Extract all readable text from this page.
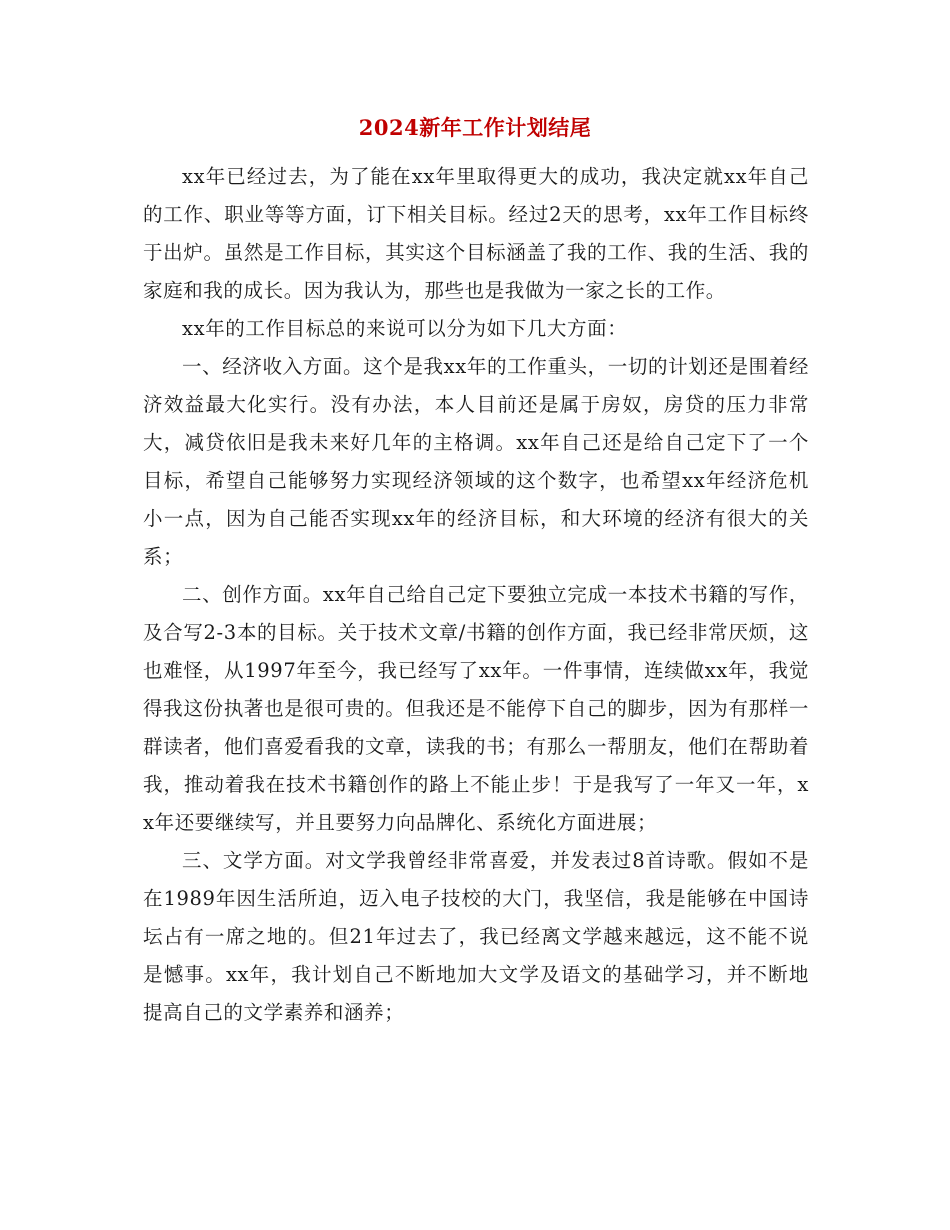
2024新年工作计划结尾

xx年已经过去，为了能在xx年里取得更大的成功，我决定就xx年自己的工作、职业等等方面，订下相关目标。经过2天的思考，xx年工作目标终于出炉。虽然是工作目标，其实这个目标涵盖了我的工作、我的生活、我的家庭和我的成长。因为我认为，那些也是我做为一家之长的工作。

xx年的工作目标总的来说可以分为如下几大方面：

一、经济收入方面。这个是我xx年的工作重头，一切的计划还是围着经济效益最大化实行。没有办法，本人目前还是属于房奴，房贷的压力非常大，减贷依旧是我未来好几年的主格调。xx年自己还是给自己定下了一个目标，希望自己能够努力实现经济领域的这个数字，也希望xx年经济危机小一点，因为自己能否实现xx年的经济目标，和大环境的经济有很大的关系；

二、创作方面。xx年自己给自己定下要独立完成一本技术书籍的写作，及合写2-3本的目标。关于技术文章/书籍的创作方面，我已经非常厌烦，这也难怪，从1997年至今，我已经写了xx年。一件事情，连续做xx年，我觉得我这份执著也是很可贵的。但我还是不能停下自己的脚步，因为有那样一群读者，他们喜爱看我的文章，读我的书；有那么一帮朋友，他们在帮助着我，推动着我在技术书籍创作的路上不能止步！于是我写了一年又一年，xx年还要继续写，并且要努力向品牌化、系统化方面进展；

三、文学方面。对文学我曾经非常喜爱，并发表过8首诗歌。假如不是在1989年因生活所迫，迈入电子技校的大门，我坚信，我是能够在中国诗坛占有一席之地的。但21年过去了，我已经离文学越来越远，这不能不说是憾事。xx年，我计划自己不断地加大文学及语文的基础学习，并不断地提高自己的文学素养和涵养；
